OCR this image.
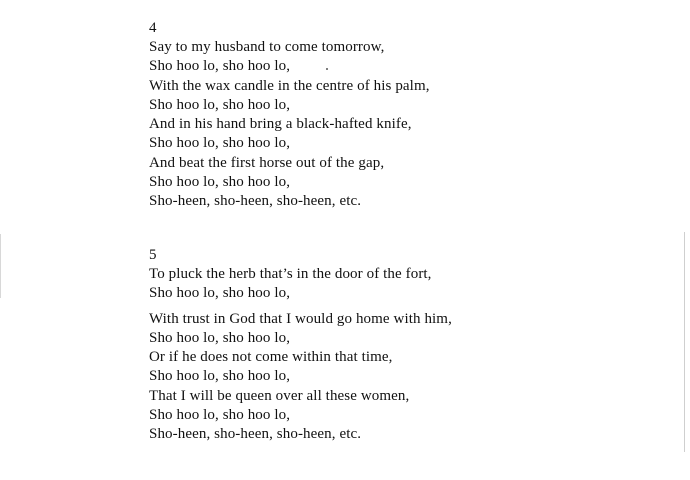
4
Say to my husband to come tomorrow,
Sho hoo lo, sho hoo lo,
With the wax candle in the centre of his palm,
Sho hoo lo, sho hoo lo,
And in his hand bring a black-hafted knife,
Sho hoo lo, sho hoo lo,
And beat the first horse out of the gap,
Sho hoo lo, sho hoo lo,
Sho-heen, sho-heen, sho-heen, etc.
5
To pluck the herb that’s in the door of the fort,
Sho hoo lo, sho hoo lo,
With trust in God that I would go home with him,
Sho hoo lo, sho hoo lo,
Or if he does not come within that time,
Sho hoo lo, sho hoo lo,
That I will be queen over all these women,
Sho hoo lo, sho hoo lo,
Sho-heen, sho-heen, sho-heen, etc.
